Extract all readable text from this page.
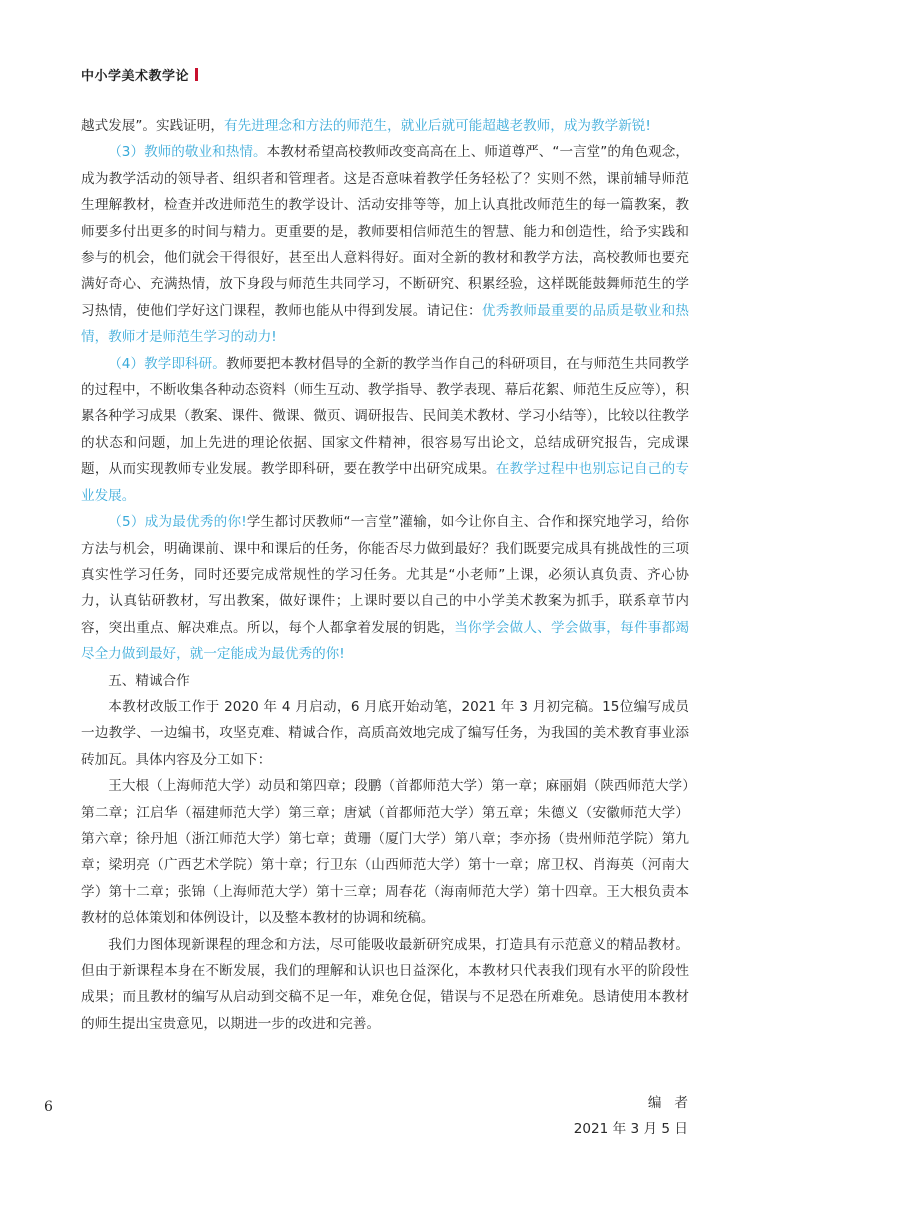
中小学美术教学论

越式发展”。实践证明，有先进理念和方法的师范生，就业后就可能超越老教师，成为教学新锐!

（3）教师的敬业和热情。本教材希望高校教师改变高高在上、师道尊严、“一言堂”的角色观念，成为教学活动的领导者、组织者和管理者。这是否意味着教学任务轻松了？实则不然，课前辅导师范生理解教材，检查并改进师范生的教学设计、活动安排等等，加上认真批改师范生的每一篇教案，教师要多付出更多的时间与精力。更重要的是，教师要相信师范生的智慧、能力和创造性，给予实践和参与的机会，他们就会干得很好，甚至出人意料得好。面对全新的教材和教学方法，高校教师也要充满好奇心、充满热情，放下身段与师范生共同学习，不断研究、积累经验，这样既能鼓舞师范生的学习热情，使他们学好这门课程，教师也能从中得到发展。请记住：优秀教师最重要的品质是敬业和热情，教师才是师范生学习的动力!

（4）教学即科研。教师要把本教材倡导的全新的教学当作自己的科研项目，在与师范生共同教学的过程中，不断收集各种动态资料（师生互动、教学指导、教学表现、幕后花絮、师范生反应等），积累各种学习成果（教案、课件、微课、微页、调研报告、民间美术教材、学习小结等），比较以往教学的状态和问题，加上先进的理论依据、国家文件精神，很容易写出论文，总结成研究报告，完成课题，从而实现教师专业发展。教学即科研，要在教学中出研究成果。在教学过程中也别忘记自己的专业发展。

（5）成为最优秀的你!学生都讨厌教师“一言堂”灌输，如今让你自主、合作和探究地学习，给你方法与机会，明确课前、课中和课后的任务，你能否尽力做到最好？我们既要完成具有挑战性的三项真实性学习任务，同时还要完成常规性的学习任务。尤其是“小老师”上课，必须认真负责、齐心协力，认真钻研教材，写出教案，做好课件；上课时要以自己的中小学美术教案为抓手，联系章节内容，突出重点、解决难点。所以，每个人都拿着发展的钥匙，当你学会做人、学会做事，每件事都竭尽全力做到最好，就一定能成为最优秀的你!

五、精诚合作

本教材改版工作于 2020 年 4 月启动，6 月底开始动笔，2021 年 3 月初完稿。15位编写成员一边教学、一边编书，攻坚克难、精诚合作，高质高效地完成了编写任务，为我国的美术教育事业添砖加瓦。具体内容及分工如下：

王大根（上海师范大学）动员和第四章；段鹏（首都师范大学）第一章；麻丽娟（陕西师范大学）第二章；江启华（福建师范大学）第三章；唐斌（首都师范大学）第五章；朱德义（安徽师范大学）第六章；徐丹旭（浙江师范大学）第七章；黄珊（厦门大学）第八章；李亦扬（贵州师范学院）第九章；梁玥亮（广西艺术学院）第十章；行卫东（山西师范大学）第十一章；席卫权、肖海英（河南大学）第十二章；张锦（上海师范大学）第十三章；周春花（海南师范大学）第十四章。王大根负责本教材的总体策划和体例设计，以及整本教材的协调和统稿。

我们力图体现新课程的理念和方法，尽可能吸收最新研究成果，打造具有示范意义的精品教材。但由于新课程本身在不断发展，我们的理解和认识也日益深化，本教材只代表我们现有水平的阶段性成果；而且教材的编写从启动到交稿不足一年，难免仓促，错误与不足恐在所难免。恳请使用本教材的师生提出宝贵意见，以期进一步的改进和完善。

6	编者
2021 年 3 月 5 日
